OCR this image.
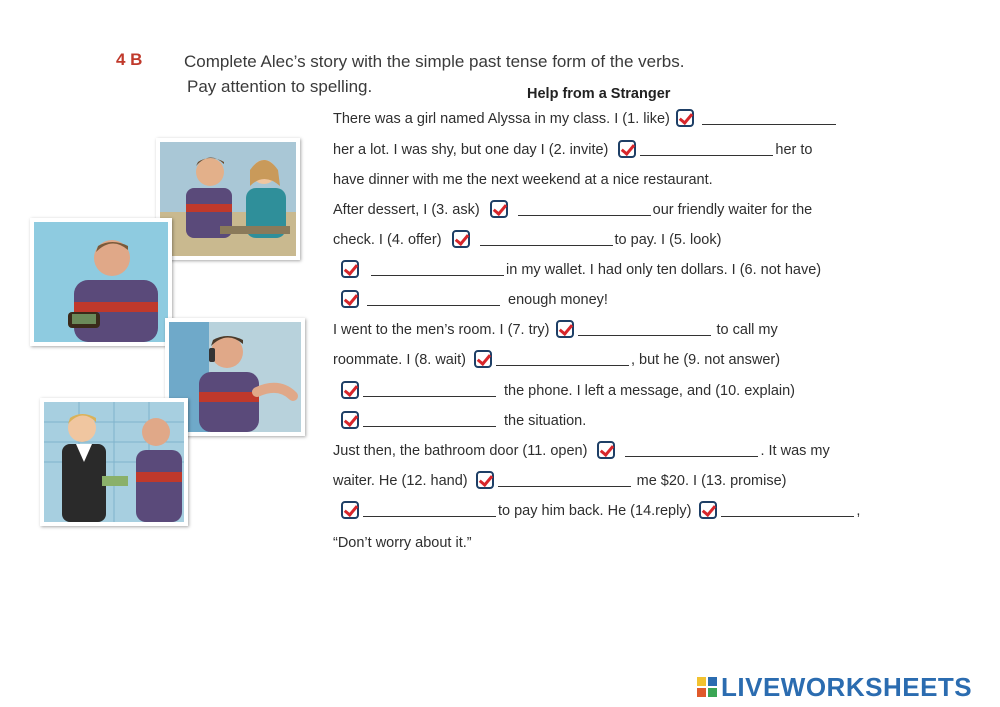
4 B Complete Alec’s story with the simple past tense form of the verbs.
Pay attention to spelling.	Help from a Stranger
There was a girl named Alyssa in my class. I (1. like)
her a lot. I was shy, but one day I (2. invite)	her to
have dinner with me the next weekend at a nice restaurant.
After dessert, I (3. ask)	our friendly waiter for the
check. I (4. offer)	to pay. I (5. look)
in my wallet. I had only ten dollars. I (6. not have)
enough money!
I went to the men’s room. I (7. try)	to call my
roommate. I (8. wait)	, but he (9. not answer)
the phone. I left a message, and (10. explain)
the situation.
Just then, the bathroom door (11. open)	. It was my
waiter. He (12. hand)	me $20. I (13. promise)
to pay him back. He (14.reply)	,
“Don’t worry about it.”
LIVEWORKSHEETS
